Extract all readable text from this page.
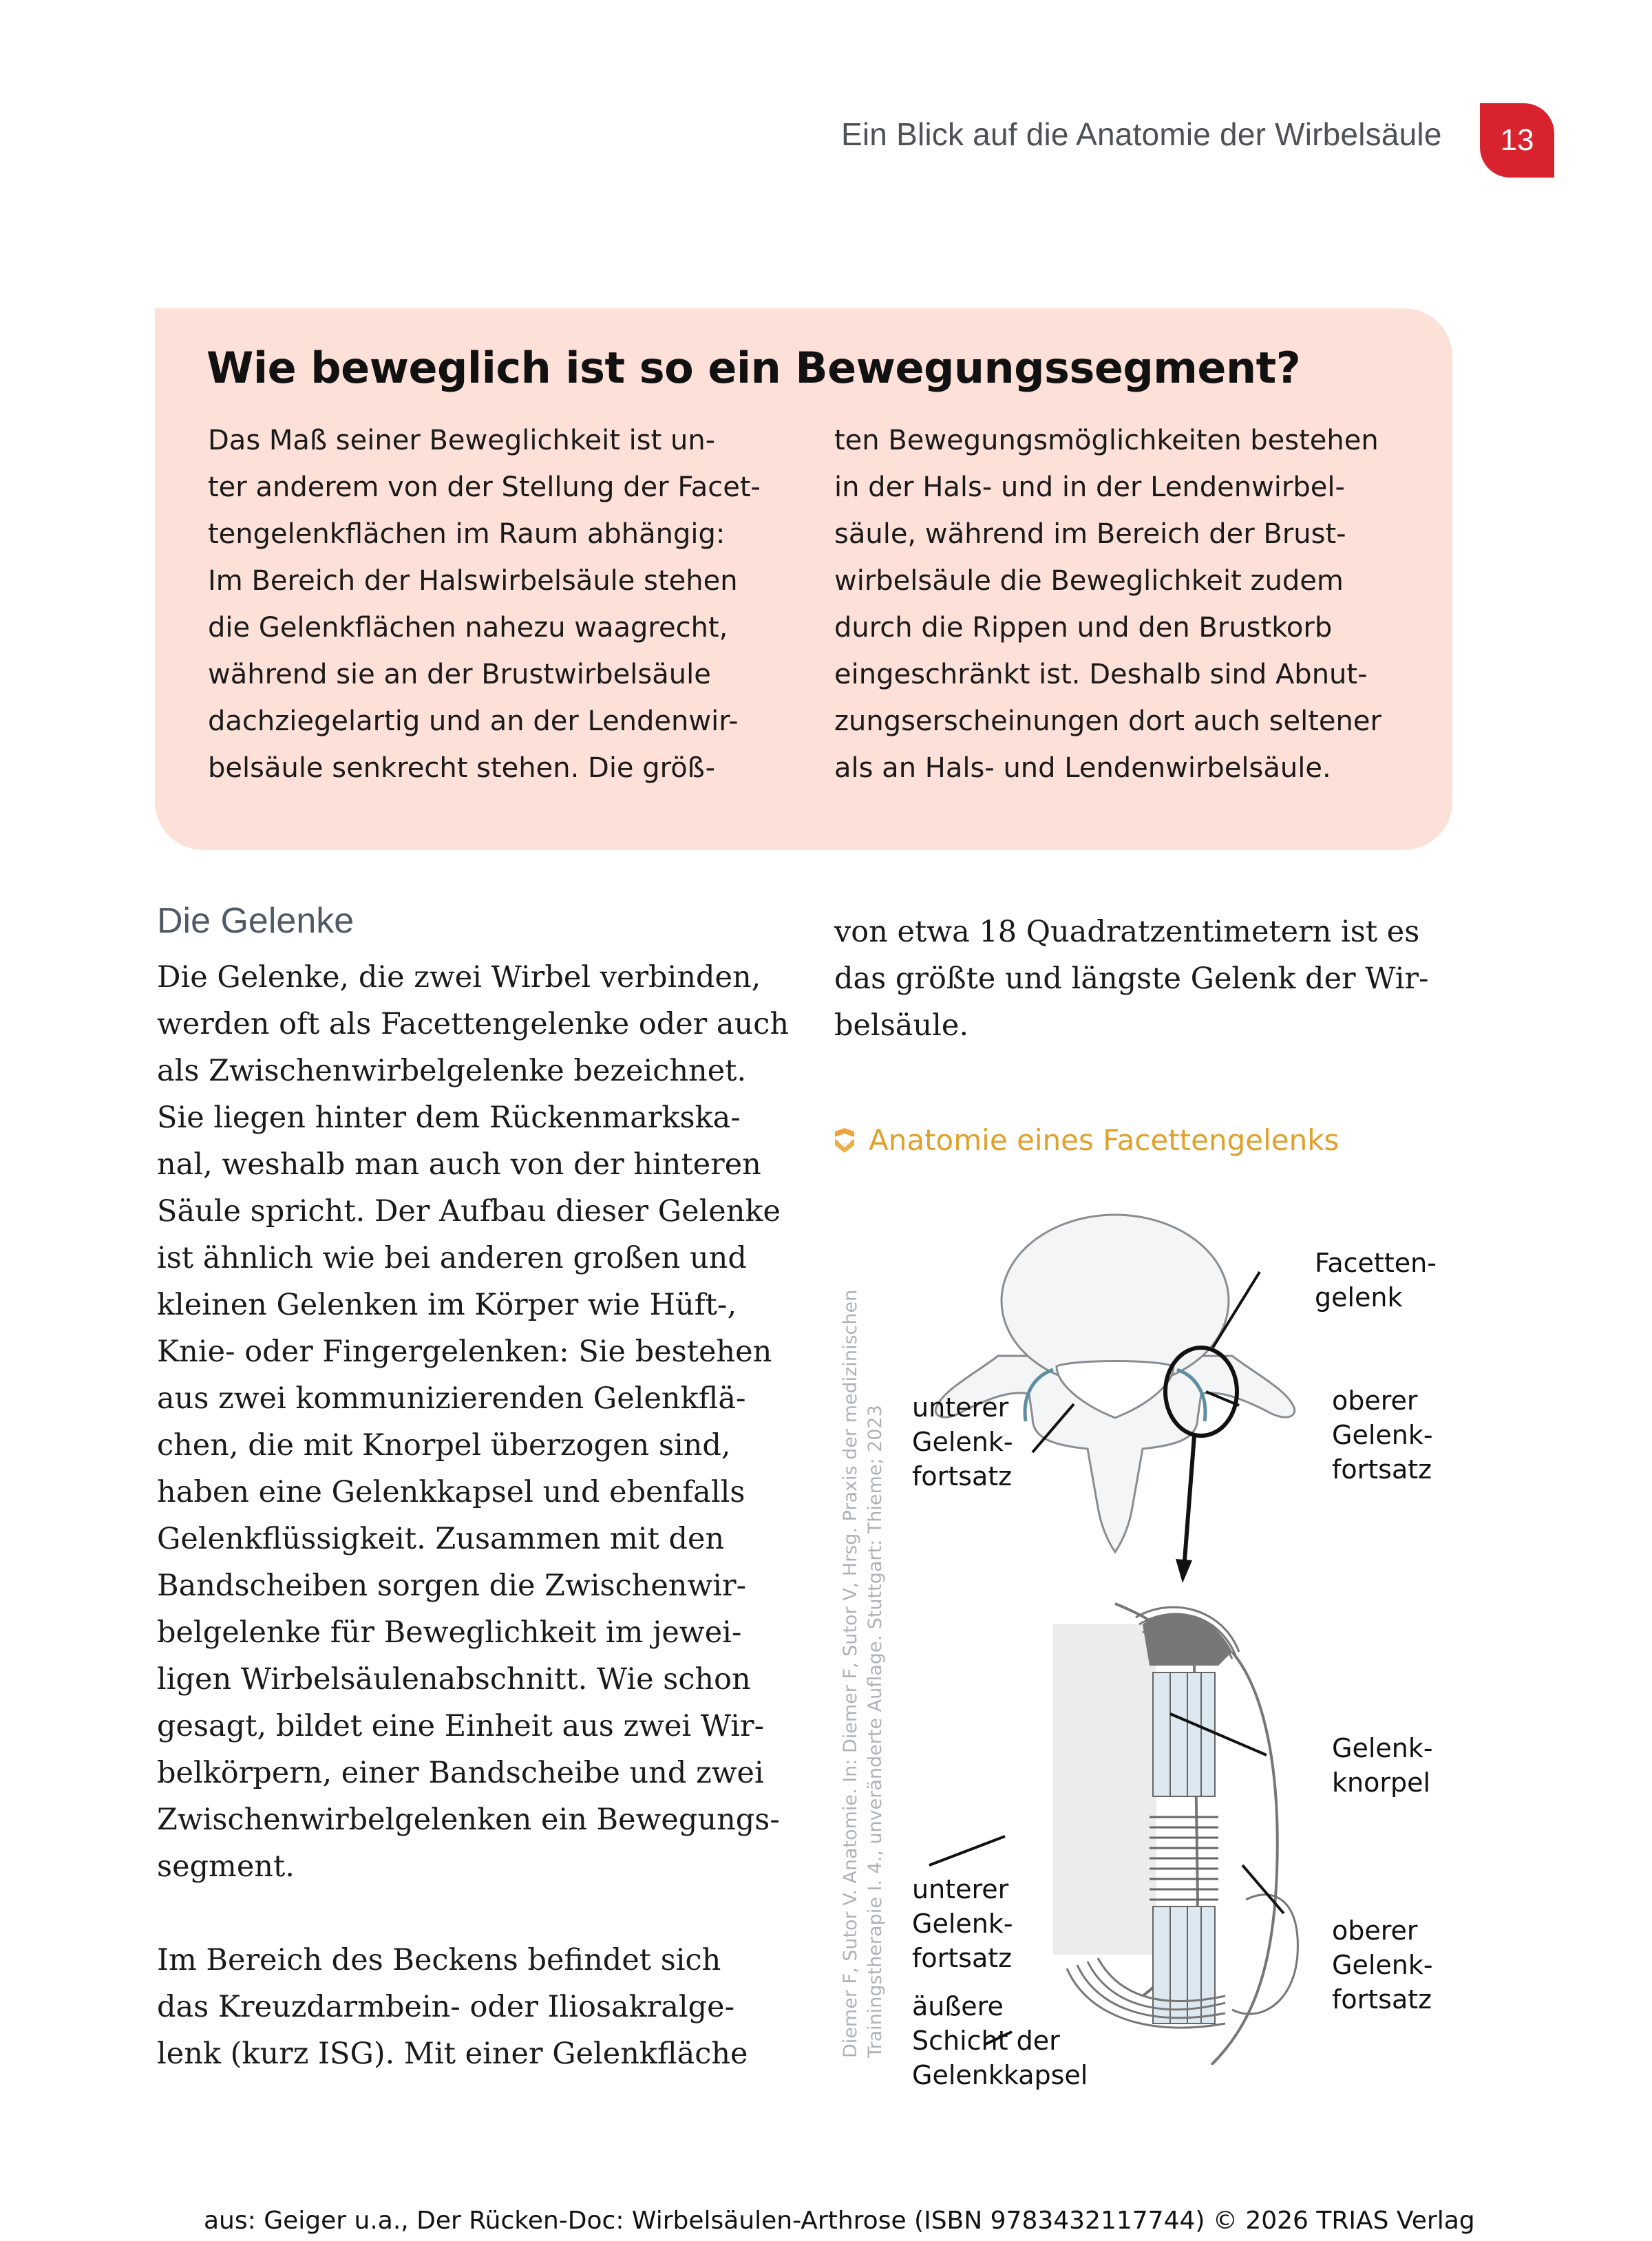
Ein Blick auf die Anatomie der Wirbelsäule 13
Wie beweglich ist so ein Bewegungssegment?
Das Maß seiner Beweglichkeit ist un-
ter anderem von der Stellung der Facet-
tengelenkflächen im Raum abhängig:
Im Bereich der Halswirbelsäule stehen
die Gelenkflächen nahezu waagrecht,
während sie an der Brustwirbelsäule
dachziegelartig und an der Lendenwir-
belsäule senkrecht stehen. Die größ-
ten Bewegungsmöglichkeiten bestehen
in der Hals- und in der Lendenwirbel-
säule, während im Bereich der Brust-
wirbelsäule die Beweglichkeit zudem
durch die Rippen und den Brustkorb
eingeschränkt ist. Deshalb sind Abnut-
zungserscheinungen dort auch seltener
als an Hals- und Lendenwirbelsäule.
Die Gelenke
Die Gelenke, die zwei Wirbel verbinden,
werden oft als Facettengelenke oder auch
als Zwischenwirbelgelenke bezeichnet.
Sie liegen hinter dem Rückenmarkska-
nal, weshalb man auch von der hinteren
Säule spricht. Der Aufbau dieser Gelenke
ist ähnlich wie bei anderen großen und
kleinen Gelenken im Körper wie Hüft-,
Knie- oder Fingergelenken: Sie bestehen
aus zwei kommunizierenden Gelenkflä-
chen, die mit Knorpel überzogen sind,
haben eine Gelenkkapsel und ebenfalls
Gelenkflüssigkeit. Zusammen mit den
Bandscheiben sorgen die Zwischenwir-
belgelenke für Beweglichkeit im jewei-
ligen Wirbelsäulenabschnitt. Wie schon
gesagt, bildet eine Einheit aus zwei Wir-
belkörpern, einer Bandscheibe und zwei
Zwischenwirbelgelenken ein Bewegungs-
segment.
Im Bereich des Beckens befindet sich
das Kreuzdarmbein- oder Iliosakralge-
lenk (kurz ISG). Mit einer Gelenkfläche
von etwa 18 Quadratzentimetern ist es
das größte und längste Gelenk der Wir-
belsäule.
Anatomie eines Facettengelenks
Diemer F, Sutor V. Anatomie. In: Diemer F, Sutor V, Hrsg. Praxis der medizinischen Trainingstherapie I. 4., unveränderte Auflage. Stuttgart: Thieme; 2023
Facetten-
gelenk
unterer
Gelenk-
fortsatz
oberer
Gelenk-
fortsatz
Gelenk-
knorpel
unterer
Gelenk-
fortsatz
oberer
Gelenk-
fortsatz
äußere
Schicht der
Gelenkkapsel
aus: Geiger u.a., Der Rücken-Doc: Wirbelsäulen-Arthrose (ISBN 9783432117744) © 2026 TRIAS Verlag
